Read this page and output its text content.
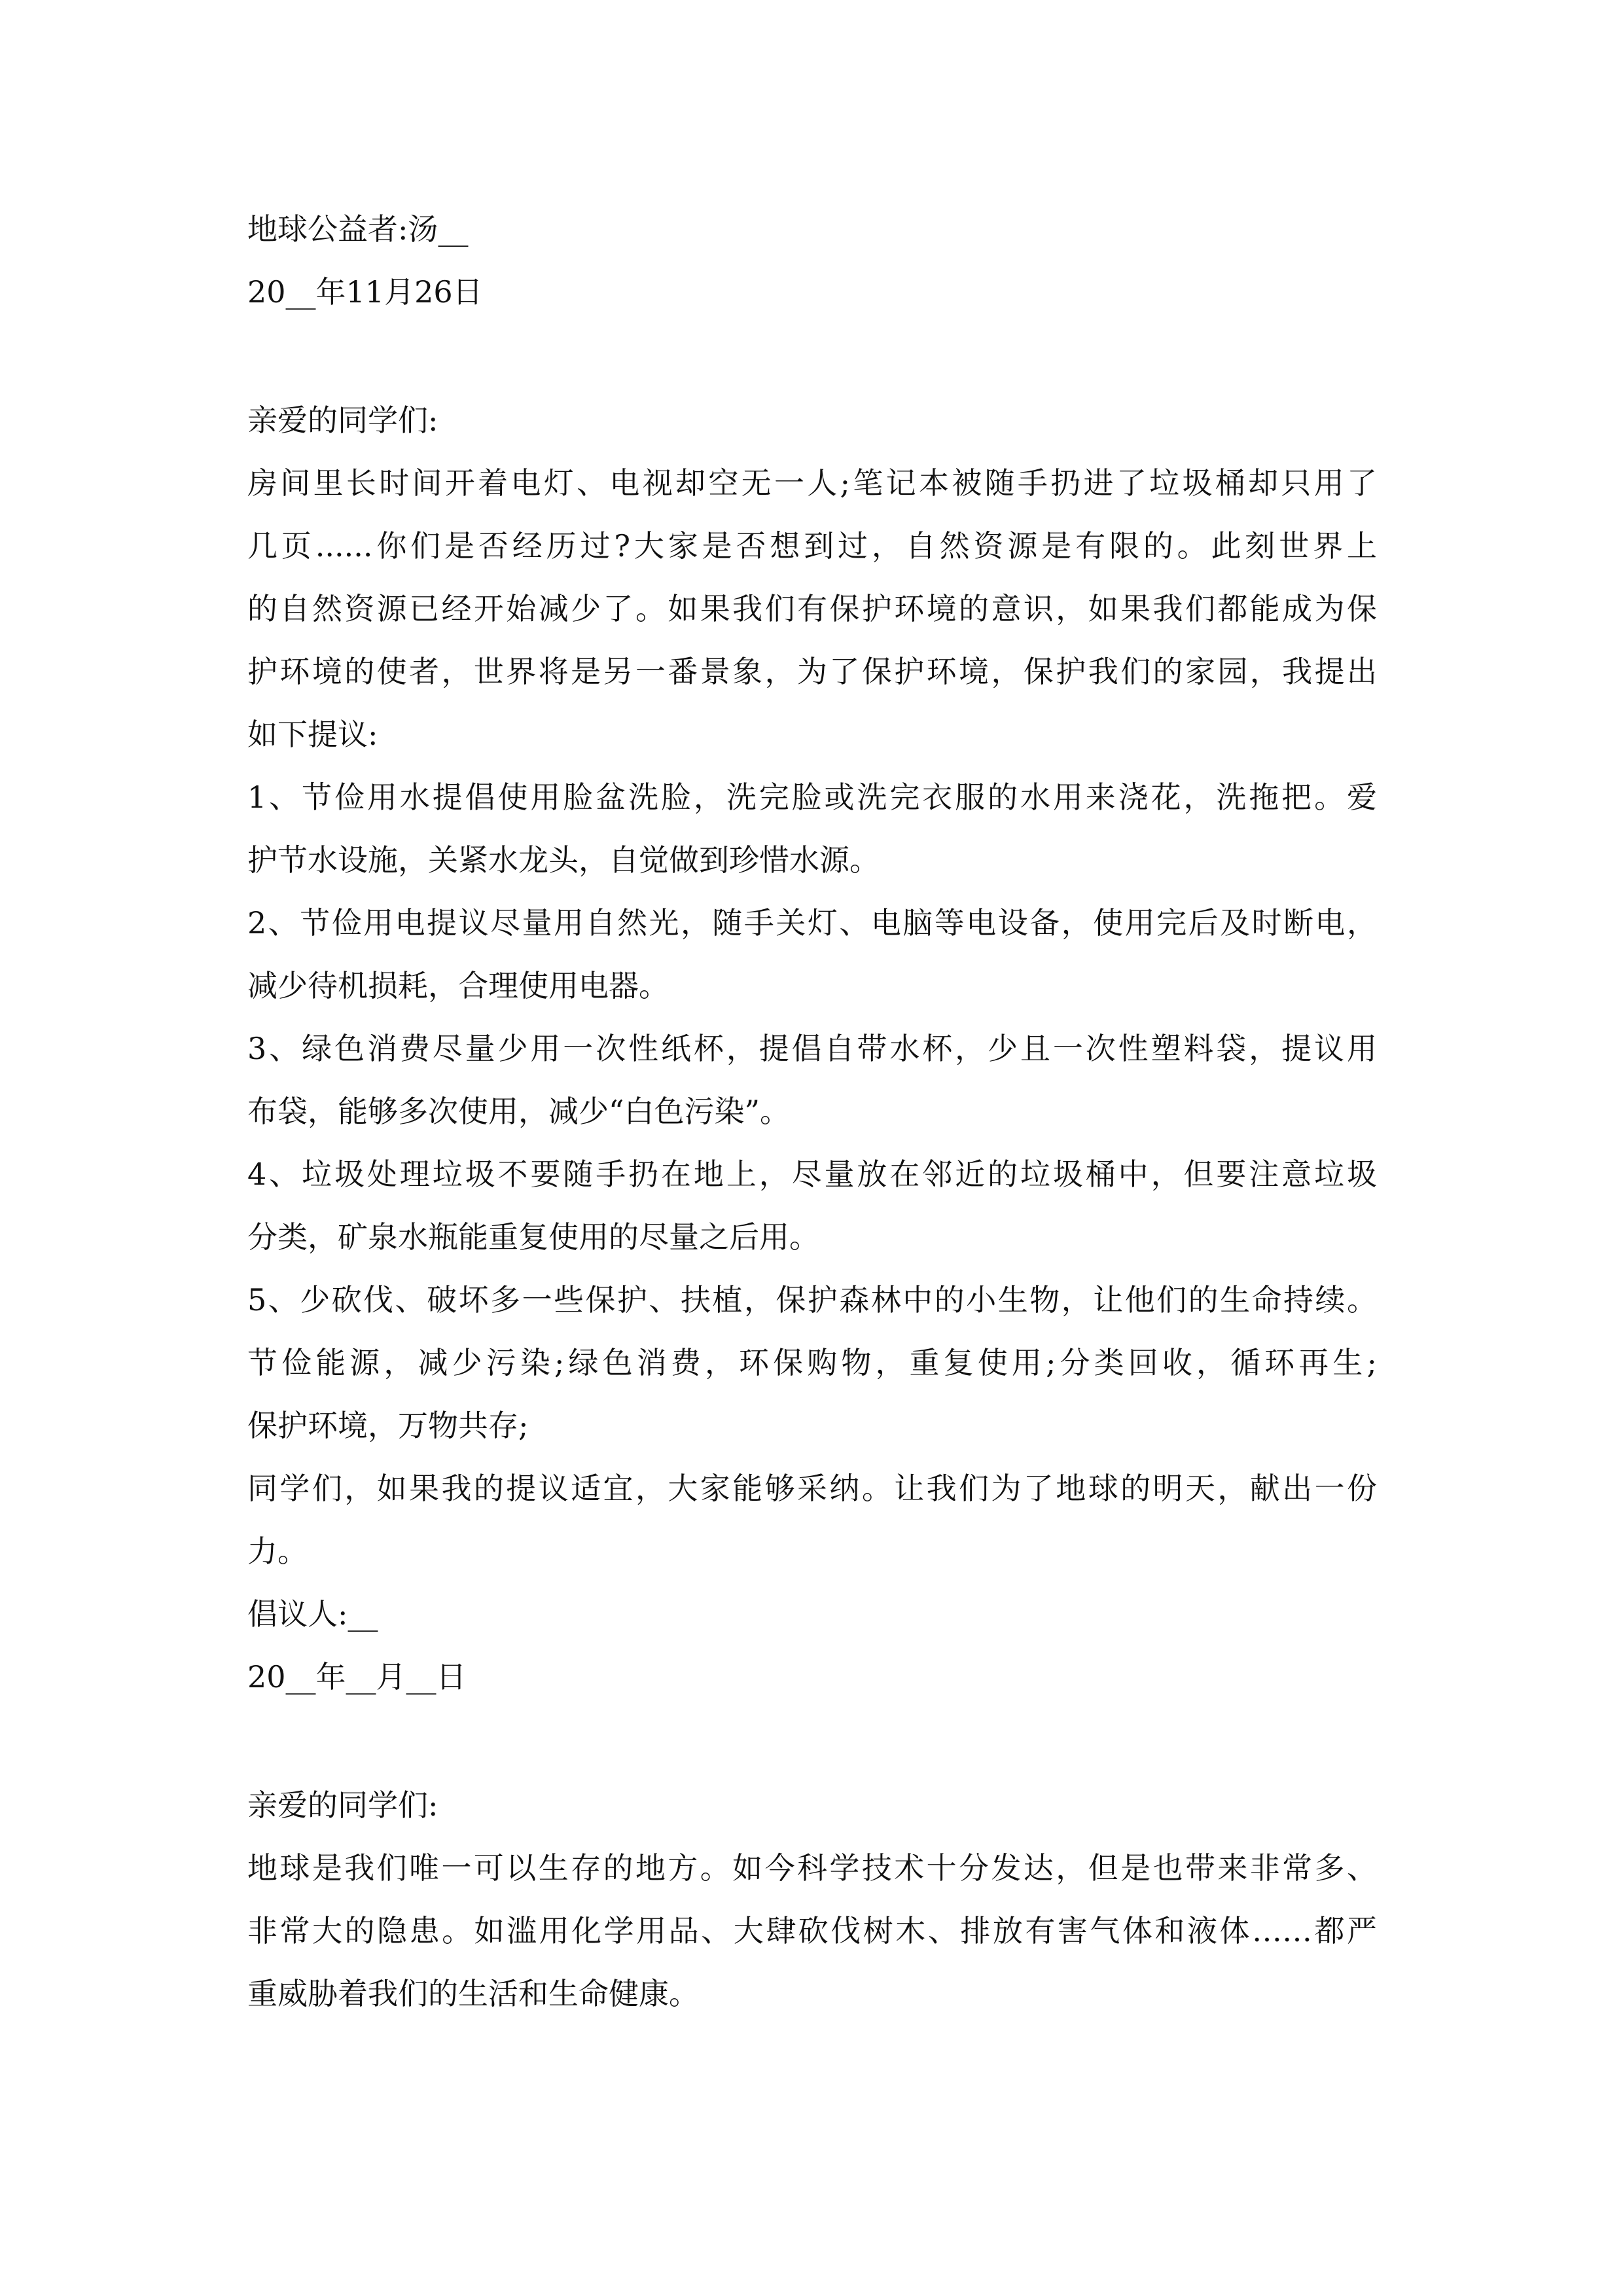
地球公益者:汤__
20__年11月26日
亲爱的同学们:
房间里长时间开着电灯、电视却空无一人;笔记本被随手扔进了垃圾桶却只用了
几页......你们是否经历过?大家是否想到过，自然资源是有限的。此刻世界上
的自然资源已经开始减少了。如果我们有保护环境的意识，如果我们都能成为保
护环境的使者，世界将是另一番景象，为了保护环境，保护我们的家园，我提出
如下提议:
1、节俭用水提倡使用脸盆洗脸，洗完脸或洗完衣服的水用来浇花，洗拖把。爱
护节水设施，关紧水龙头，自觉做到珍惜水源。
2、节俭用电提议尽量用自然光，随手关灯、电脑等电设备，使用完后及时断电，
减少待机损耗，合理使用电器。
3、绿色消费尽量少用一次性纸杯，提倡自带水杯，少且一次性塑料袋，提议用
布袋，能够多次使用，减少“白色污染”。
4、垃圾处理垃圾不要随手扔在地上，尽量放在邻近的垃圾桶中，但要注意垃圾
分类，矿泉水瓶能重复使用的尽量之后用。
5、少砍伐、破坏多一些保护、扶植，保护森林中的小生物，让他们的生命持续。
节俭能源，减少污染;绿色消费，环保购物，重复使用;分类回收，循环再生;
保护环境，万物共存;
同学们，如果我的提议适宜，大家能够采纳。让我们为了地球的明天，献出一份
力。
倡议人:__
20__年__月__日
亲爱的同学们:
地球是我们唯一可以生存的地方。如今科学技术十分发达，但是也带来非常多、
非常大的隐患。如滥用化学用品、大肆砍伐树木、排放有害气体和液体……都严
重威胁着我们的生活和生命健康。
